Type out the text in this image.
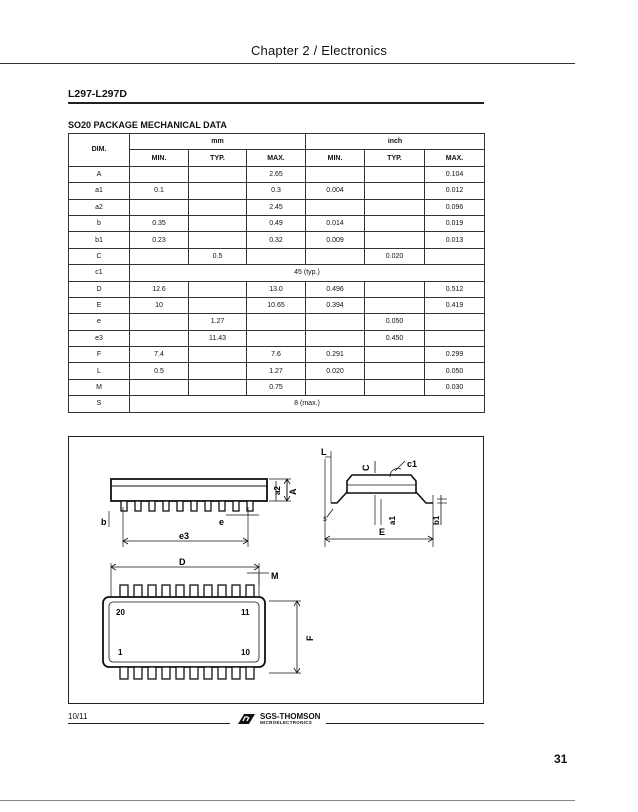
Chapter 2 / Electronics
L297-L297D
SO20 PACKAGE MECHANICAL DATA
DIM.	mm			inch		
	MIN.	TYP.	MAX.	MIN.	TYP.	MAX.
A			2.65			0.104
a1	0.1		0.3	0.004		0.012
a2			2.45			0.096
b	0.35		0.49	0.014		0.019
b1	0.23		0.32	0.009		0.013
C		0.5			0.020	
c1	45 (typ.)					
D	12.6		13.0	0.496		0.512
E	10		10.65	0.394		0.419
e		1.27			0.050	
e3		11.43			0.450	
F	7.4		7.6	0.291		0.299
L	0.5		1.27	0.020		0.050
M			0.75			0.030
S	8 (max.)					
a2 A
b	e
e3
L
C	c1
s
E
a1	b1
D
M
F
20	11
1	10
10/11	SGS-THOMSON
MICROELECTRONICS
31
